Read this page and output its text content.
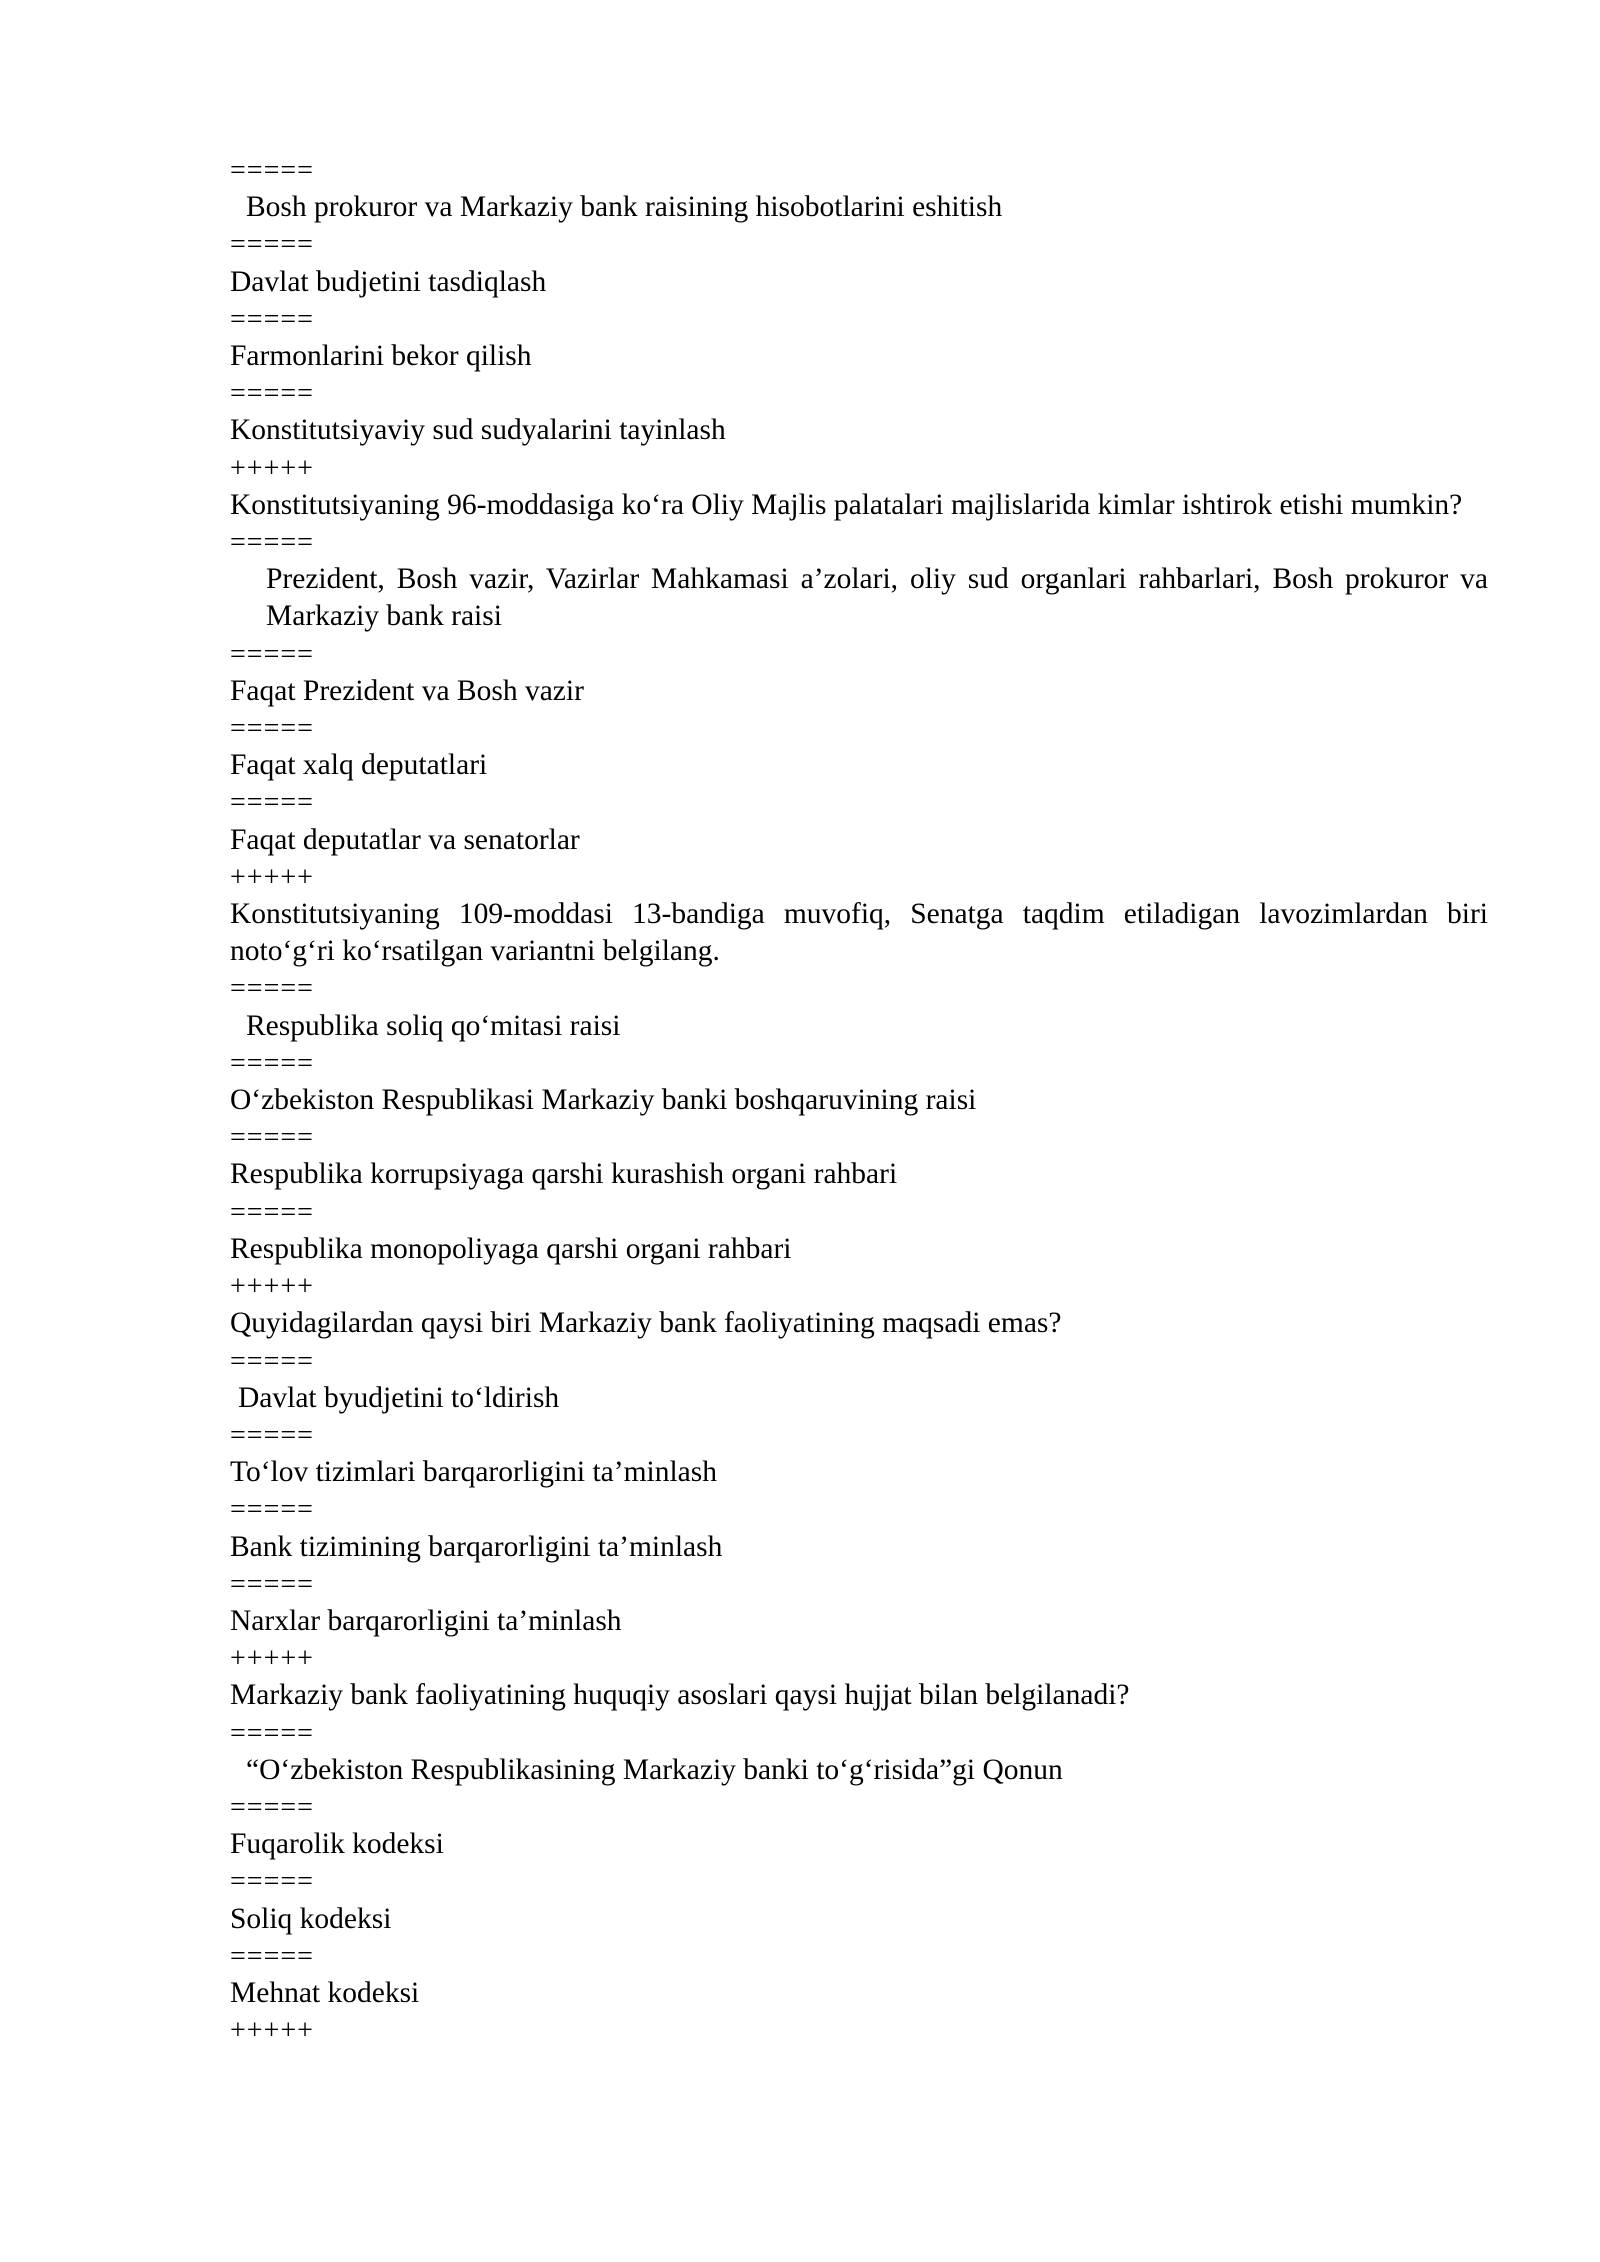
=====
Bosh prokuror va Markaziy bank raisining hisobotlarini eshitish
=====
Davlat budjetini tasdiqlash
=====
Farmonlarini bekor qilish
=====
Konstitutsiyaviy sud sudyalarini tayinlash
+++++
Konstitutsiyaning 96-moddasiga ko‘ra Oliy Majlis palatalari majlislarida kimlar ishtirok etishi mumkin?
=====
Prezident, Bosh vazir, Vazirlar Mahkamasi a’zolari, oliy sud organlari rahbarlari, Bosh prokuror va Markaziy bank raisi
=====
Faqat Prezident va Bosh vazir
=====
Faqat xalq deputatlari
=====
Faqat deputatlar va senatorlar
+++++
Konstitutsiyaning 109-moddasi 13-bandiga muvofiq, Senatga taqdim etiladigan lavozimlardan biri noto‘g‘ri ko‘rsatilgan variantni belgilang.
=====
Respublika soliq qo‘mitasi raisi
=====
O‘zbekiston Respublikasi Markaziy banki boshqaruvining raisi
=====
Respublika korrupsiyaga qarshi kurashish organi rahbari
=====
Respublika monopoliyaga qarshi organi rahbari
+++++
Quyidagilardan qaysi biri Markaziy bank faoliyatining maqsadi emas?
=====
Davlat byudjetini to‘ldirish
=====
To‘lov tizimlari barqarorligini ta’minlash
=====
Bank tizimining barqarorligini ta’minlash
=====
Narxlar barqarorligini ta’minlash
+++++
Markaziy bank faoliyatining huquqiy asoslari qaysi hujjat bilan belgilanadi?
=====
“O‘zbekiston Respublikasining Markaziy banki to‘g‘risida”gi Qonun
=====
Fuqarolik kodeksi
=====
Soliq kodeksi
=====
Mehnat kodeksi
+++++
